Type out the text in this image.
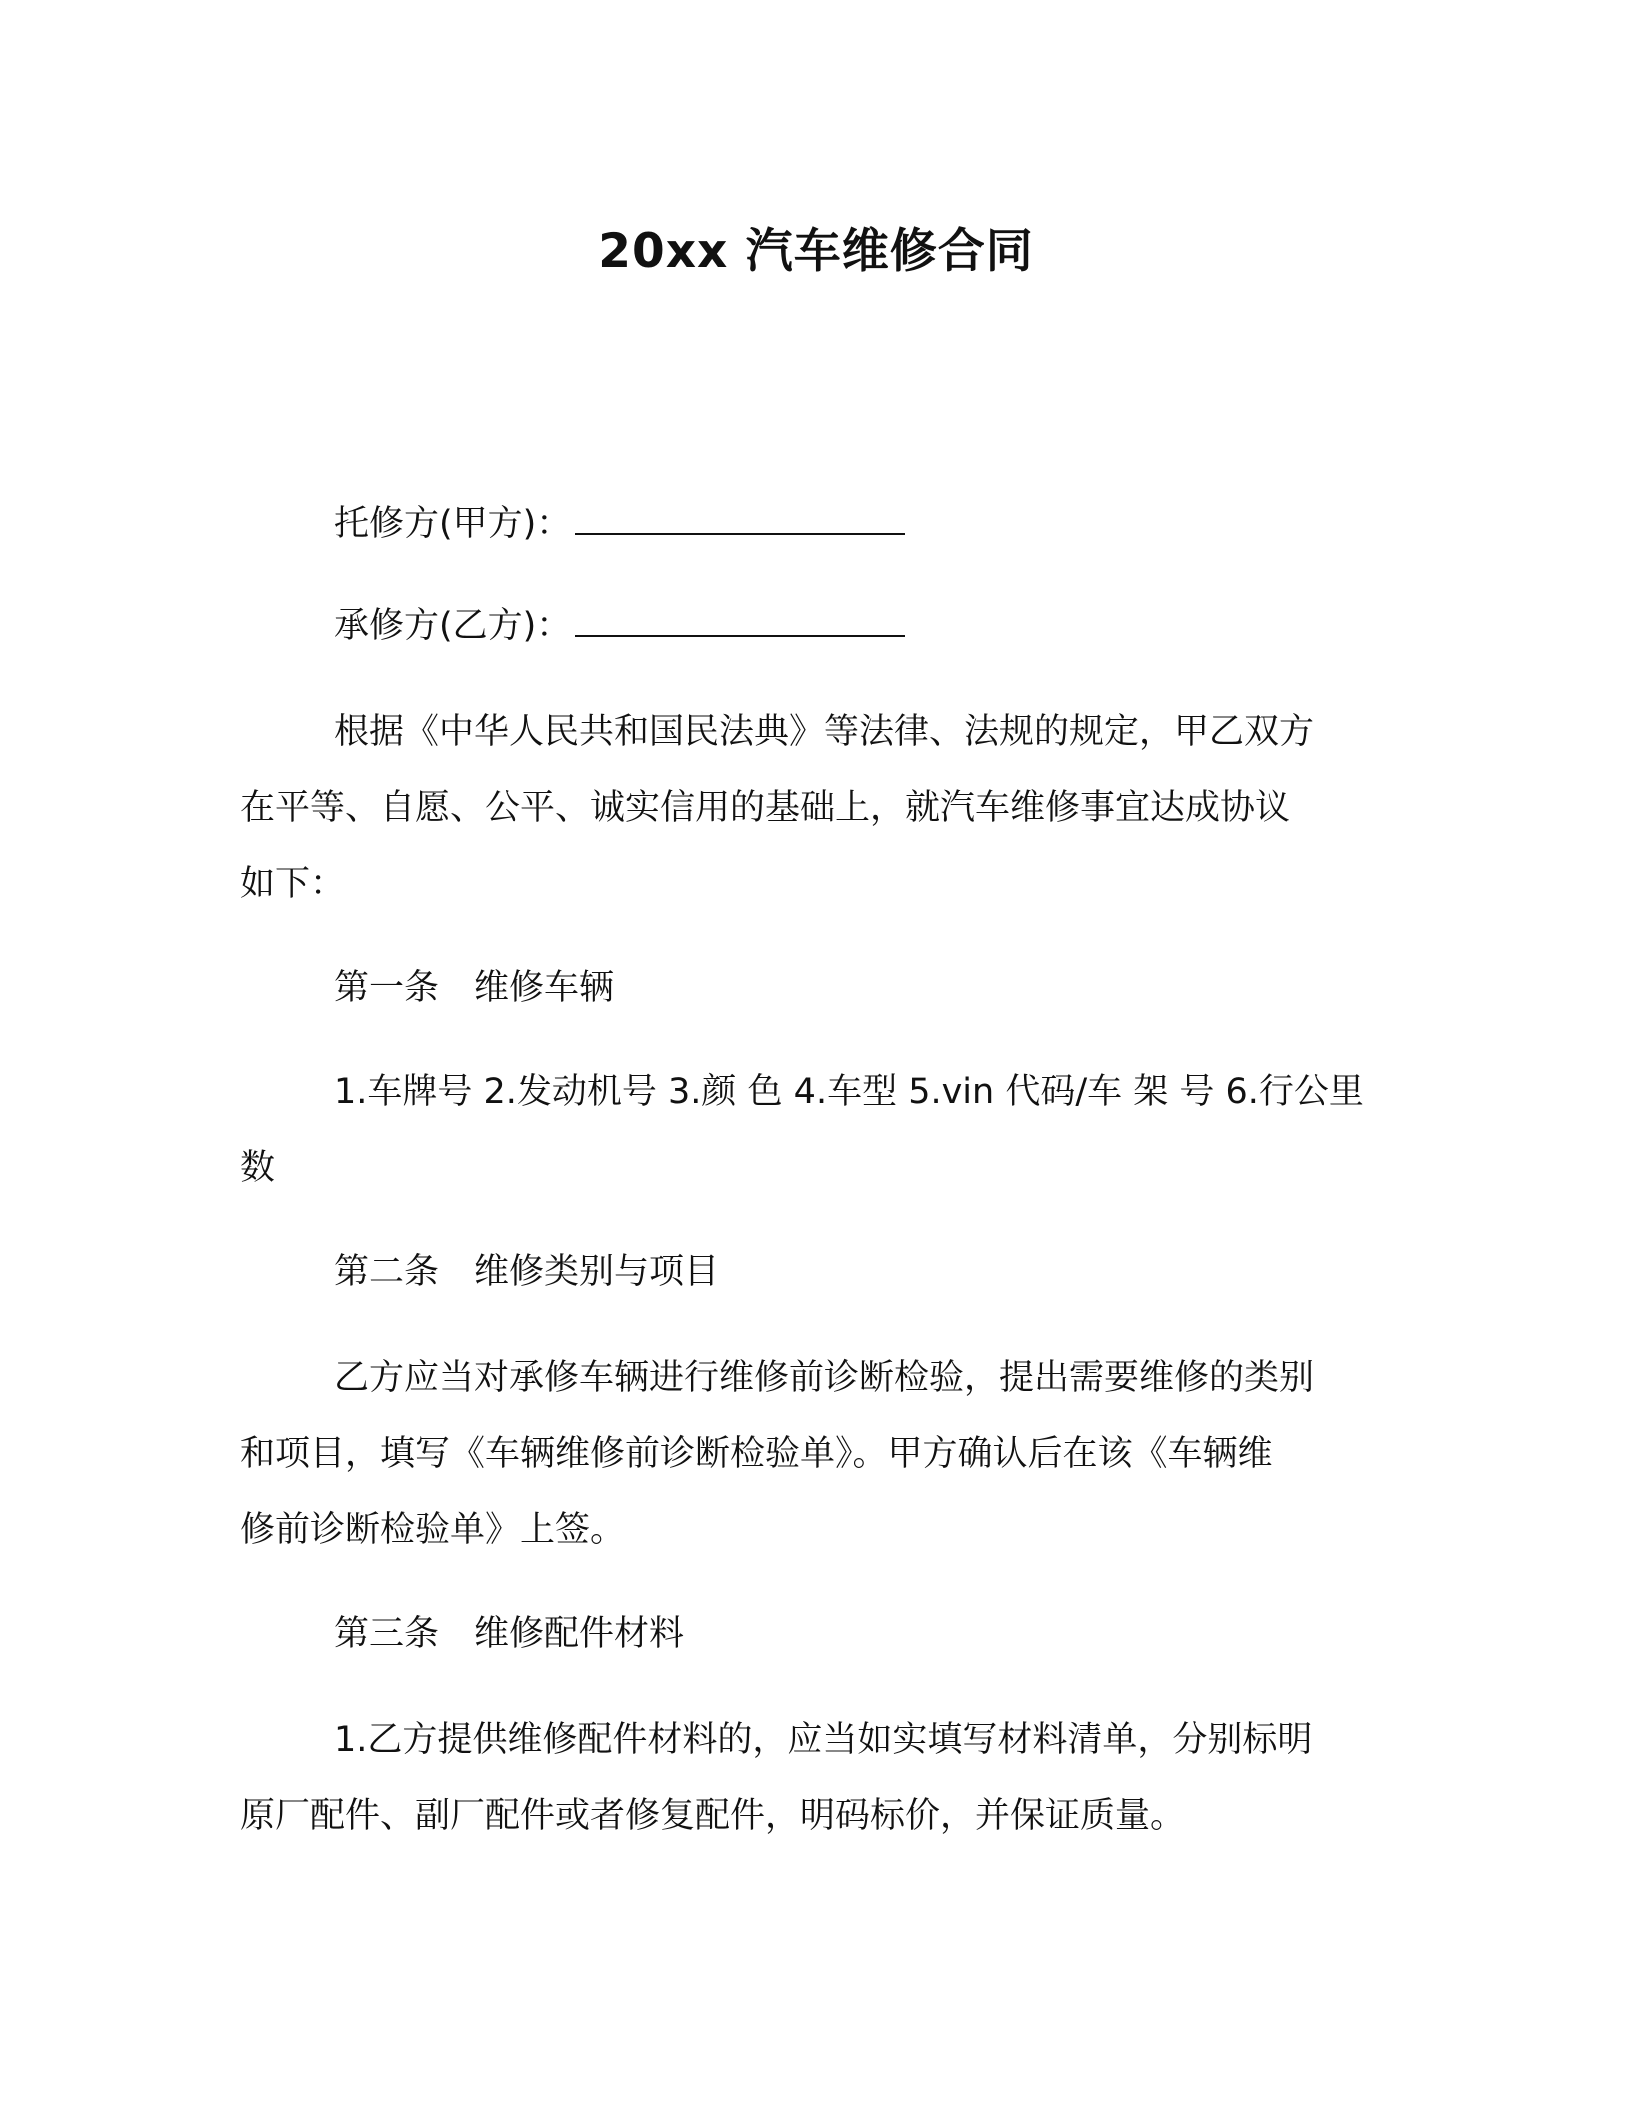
20xx 汽车维修合同

托修方(甲方)：

承修方(乙方)：

根据《中华人民共和国民法典》等法律、法规的规定，甲乙双方

在平等、自愿、公平、诚实信用的基础上，就汽车维修事宜达成协议

如下：

第一条　维修车辆

1.车牌号 2.发动机号 3.颜 色 4.车型 5.vin 代码/车 架 号 6.行公里

数

第二条　维修类别与项目

乙方应当对承修车辆进行维修前诊断检验，提出需要维修的类别

和项目，填写《车辆维修前诊断检验单》。甲方确认后在该《车辆维

修前诊断检验单》上签。

第三条　维修配件材料

1.乙方提供维修配件材料的，应当如实填写材料清单，分别标明

原厂配件、副厂配件或者修复配件，明码标价，并保证质量。
